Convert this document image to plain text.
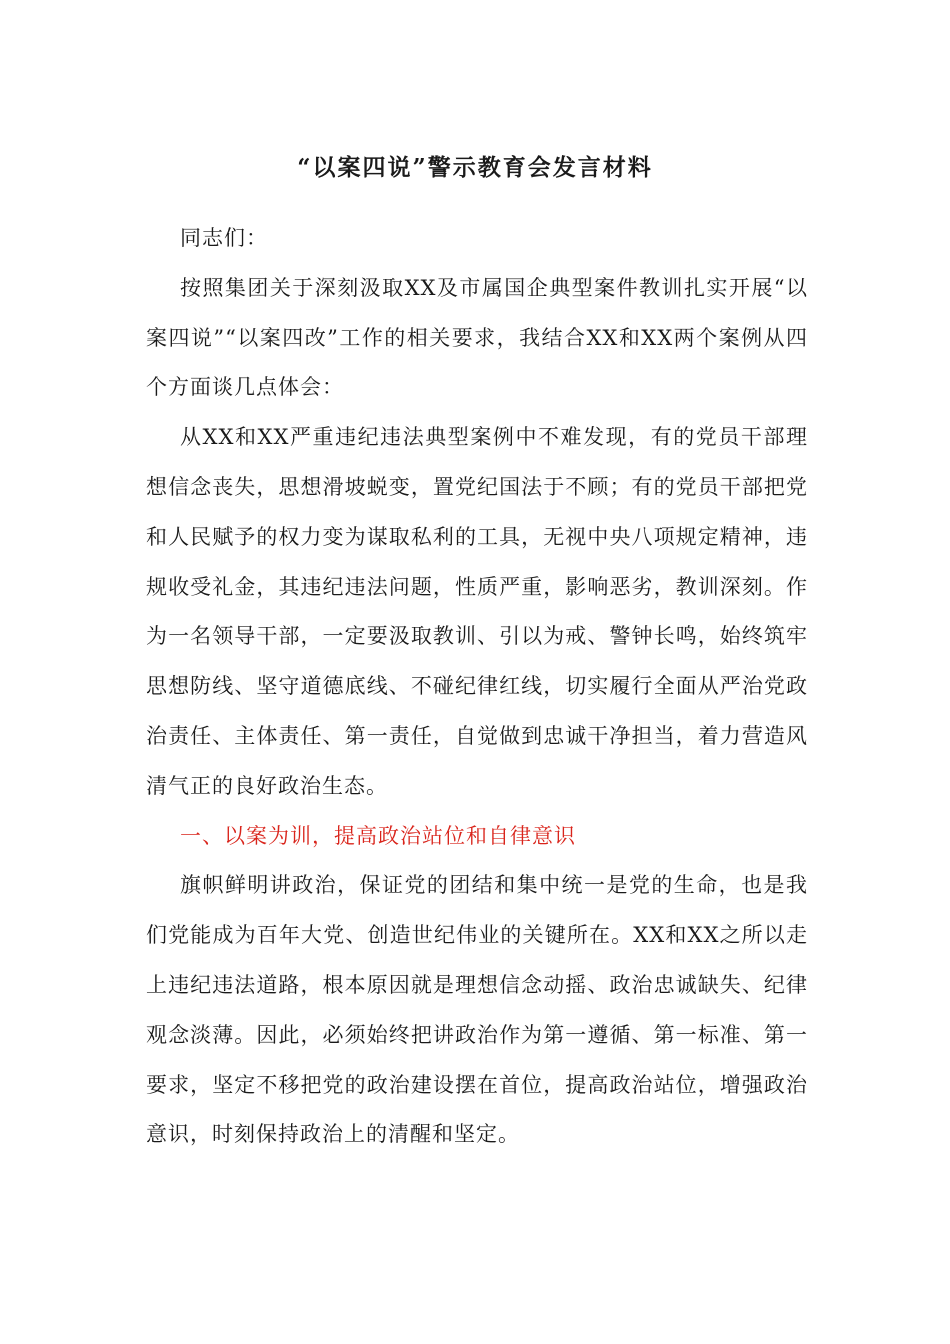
“以案四说”警示教育会发言材料

同志们：

按照集团关于深刻汲取XX及市属国企典型案件教训扎实开展“以案四说”“以案四改”工作的相关要求，我结合XX和XX两个案例从四个方面谈几点体会：

从XX和XX严重违纪违法典型案例中不难发现，有的党员干部理想信念丧失，思想滑坡蜕变，置党纪国法于不顾；有的党员干部把党和人民赋予的权力变为谋取私利的工具，无视中央八项规定精神，违规收受礼金，其违纪违法问题，性质严重，影响恶劣，教训深刻。作为一名领导干部，一定要汲取教训、引以为戒、警钟长鸣，始终筑牢思想防线、坚守道德底线、不碰纪律红线，切实履行全面从严治党政治责任、主体责任、第一责任，自觉做到忠诚干净担当，着力营造风清气正的良好政治生态。

一、以案为训，提高政治站位和自律意识

旗帜鲜明讲政治，保证党的团结和集中统一是党的生命，也是我们党能成为百年大党、创造世纪伟业的关键所在。XX和XX之所以走上违纪违法道路，根本原因就是理想信念动摇、政治忠诚缺失、纪律观念淡薄。因此，必须始终把讲政治作为第一遵循、第一标准、第一要求，坚定不移把党的政治建设摆在首位，提高政治站位，增强政治意识，时刻保持政治上的清醒和坚定。
